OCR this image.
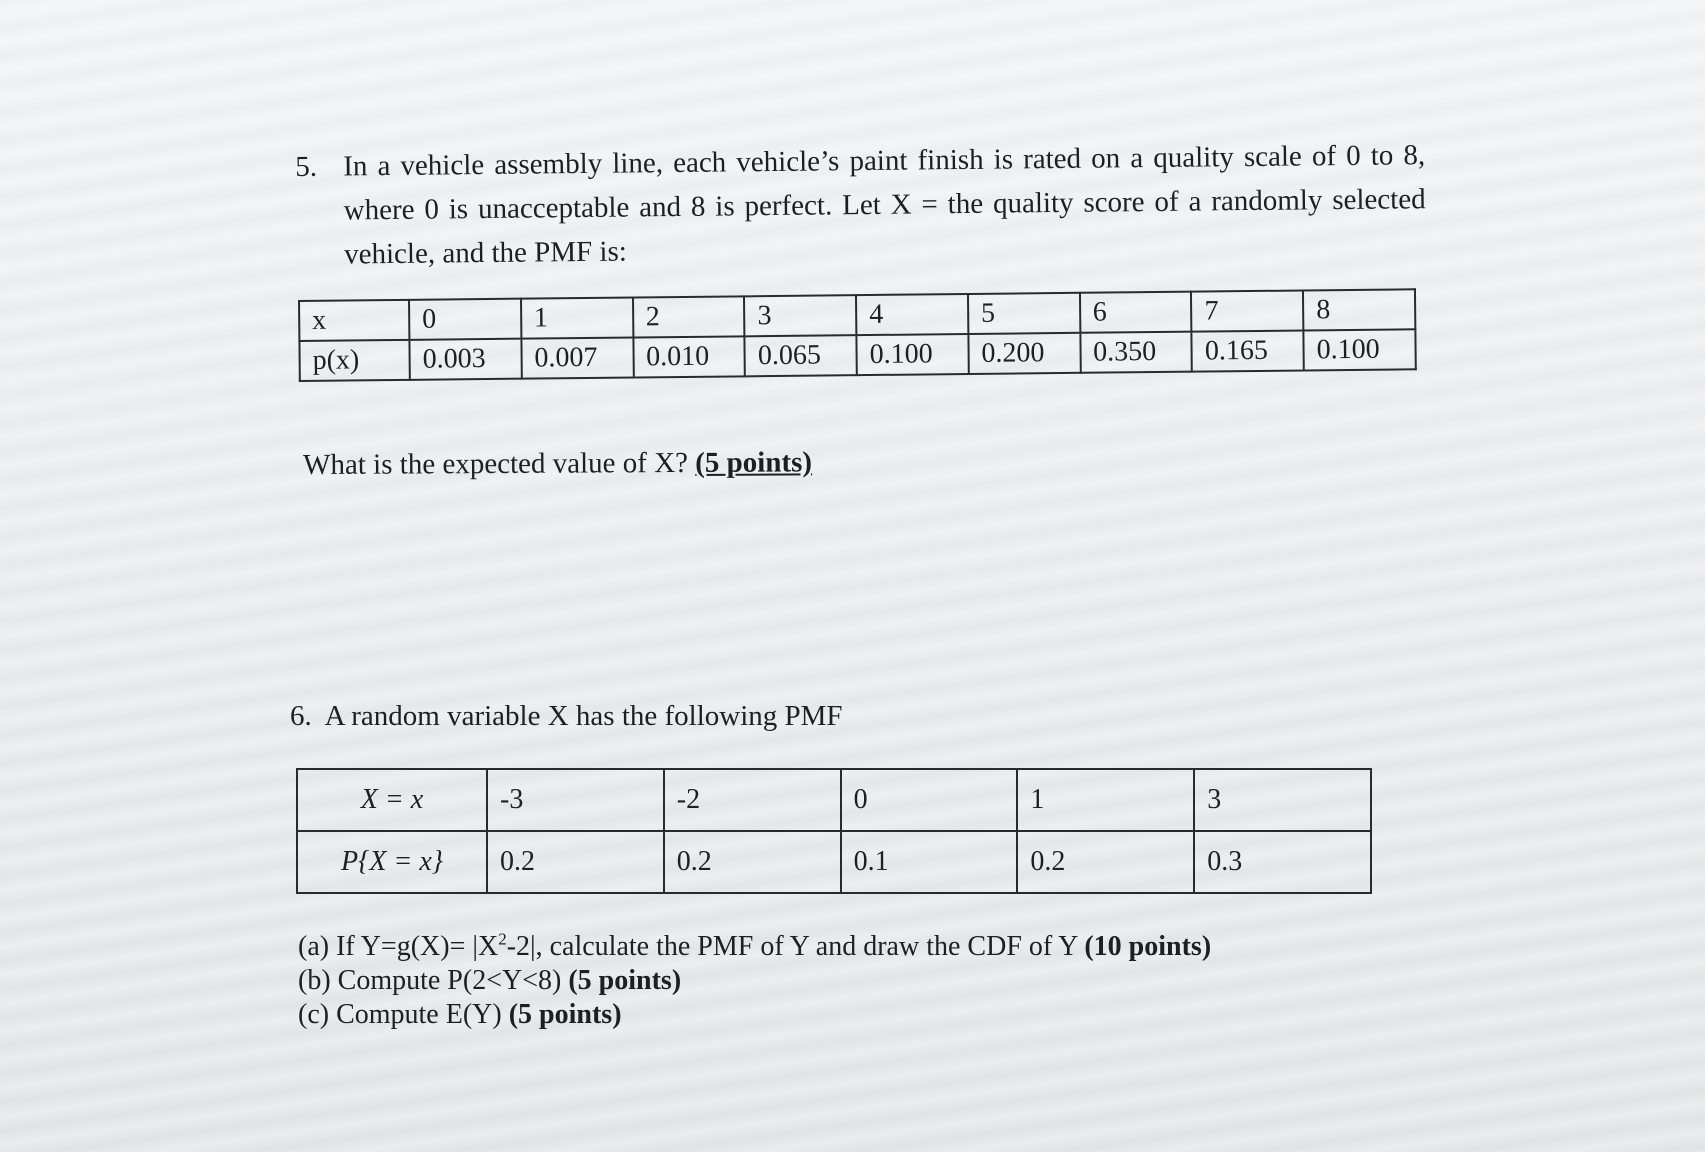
5. In a vehicle assembly line, each vehicle’s paint finish is rated on a quality scale of 0 to 8, where 0 is unacceptable and 8 is perfect. Let X = the quality score of a randomly selected vehicle, and the PMF is:
x	0	1	2	3	4	5	6	7	8
p(x)	0.003	0.007	0.010	0.065	0.100	0.200	0.350	0.165	0.100
What is the expected value of X? (5 points)
6. A random variable X has the following PMF
X = x	-3	-2	0	1	3
P{X = x}	0.2	0.2	0.1	0.2	0.3
(a) If $Y=g(X)= |X^2-2|$, calculate the PMF of Y and draw the CDF of Y (10 points)
(b) Compute P(2<Y<8) (5 points)
(c) Compute E(Y) (5 points)
